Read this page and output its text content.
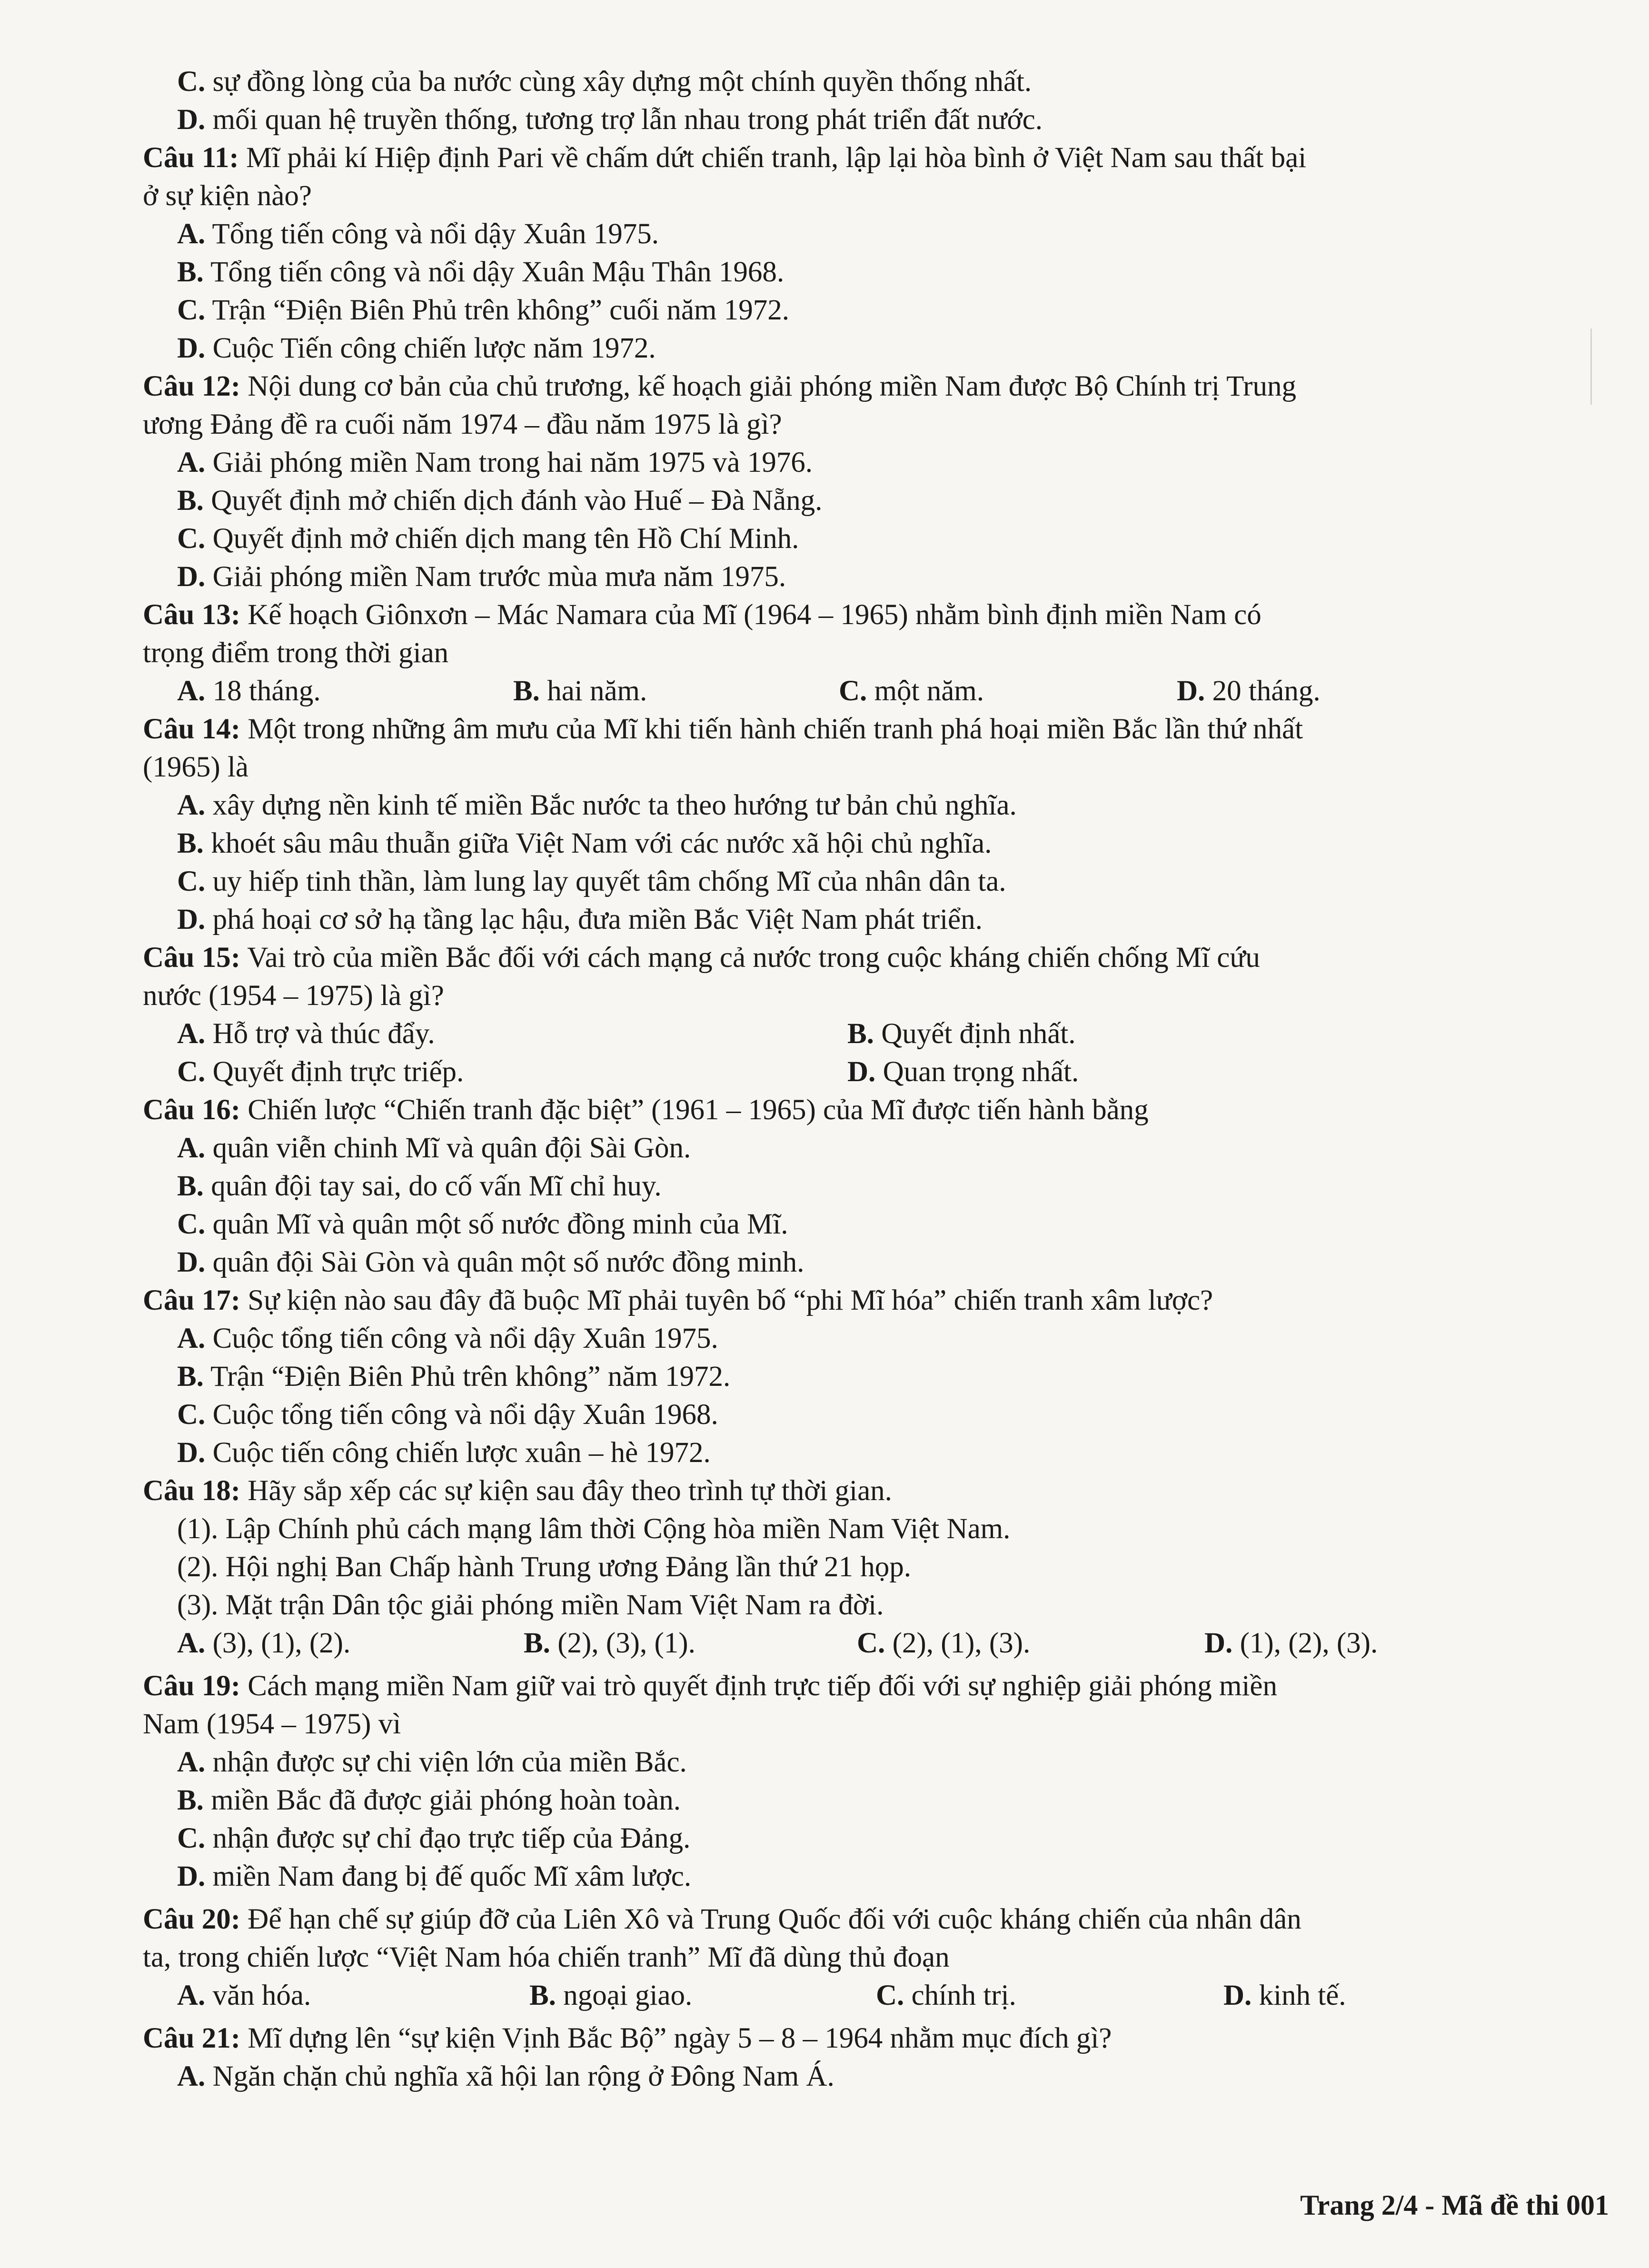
C. sự đồng lòng của ba nước cùng xây dựng một chính quyền thống nhất.
D. mối quan hệ truyền thống, tương trợ lẫn nhau trong phát triển đất nước.
Câu 11: Mĩ phải kí Hiệp định Pari về chấm dứt chiến tranh, lập lại hòa bình ở Việt Nam sau thất bại
ở sự kiện nào?
A. Tổng tiến công và nổi dậy Xuân 1975.
B. Tổng tiến công và nổi dậy Xuân Mậu Thân 1968.
C. Trận “Điện Biên Phủ trên không” cuối năm 1972.
D. Cuộc Tiến công chiến lược năm 1972.
Câu 12: Nội dung cơ bản của chủ trương, kế hoạch giải phóng miền Nam được Bộ Chính trị Trung
ương Đảng đề ra cuối năm 1974 – đầu năm 1975 là gì?
A. Giải phóng miền Nam trong hai năm 1975 và 1976.
B. Quyết định mở chiến dịch đánh vào Huế – Đà Nẵng.
C. Quyết định mở chiến dịch mang tên Hồ Chí Minh.
D. Giải phóng miền Nam trước mùa mưa năm 1975.
Câu 13: Kế hoạch Giônxơn – Mác Namara của Mĩ (1964 – 1965) nhằm bình định miền Nam có
trọng điểm trong thời gian
A. 18 tháng.	B. hai năm.	C. một năm.	D. 20 tháng.
Câu 14: Một trong những âm mưu của Mĩ khi tiến hành chiến tranh phá hoại miền Bắc lần thứ nhất
(1965) là
A. xây dựng nền kinh tế miền Bắc nước ta theo hướng tư bản chủ nghĩa.
B. khoét sâu mâu thuẫn giữa Việt Nam với các nước xã hội chủ nghĩa.
C. uy hiếp tinh thần, làm lung lay quyết tâm chống Mĩ của nhân dân ta.
D. phá hoại cơ sở hạ tầng lạc hậu, đưa miền Bắc Việt Nam phát triển.
Câu 15: Vai trò của miền Bắc đối với cách mạng cả nước trong cuộc kháng chiến chống Mĩ cứu
nước (1954 – 1975) là gì?
A. Hỗ trợ và thúc đẩy.	B. Quyết định nhất.
C. Quyết định trực triếp.	D. Quan trọng nhất.
Câu 16: Chiến lược “Chiến tranh đặc biệt” (1961 – 1965) của Mĩ được tiến hành bằng
A. quân viễn chinh Mĩ và quân đội Sài Gòn.
B. quân đội tay sai, do cố vấn Mĩ chỉ huy.
C. quân Mĩ và quân một số nước đồng minh của Mĩ.
D. quân đội Sài Gòn và quân một số nước đồng minh.
Câu 17: Sự kiện nào sau đây đã buộc Mĩ phải tuyên bố “phi Mĩ hóa” chiến tranh xâm lược?
A. Cuộc tổng tiến công và nổi dậy Xuân 1975.
B. Trận “Điện Biên Phủ trên không” năm 1972.
C. Cuộc tổng tiến công và nổi dậy Xuân 1968.
D. Cuộc tiến công chiến lược xuân – hè 1972.
Câu 18: Hãy sắp xếp các sự kiện sau đây theo trình tự thời gian.
(1). Lập Chính phủ cách mạng lâm thời Cộng hòa miền Nam Việt Nam.
(2). Hội nghị Ban Chấp hành Trung ương Đảng lần thứ 21 họp.
(3). Mặt trận Dân tộc giải phóng miền Nam Việt Nam ra đời.
A. (3), (1), (2).	B. (2), (3), (1).	C. (2), (1), (3).	D. (1), (2), (3).
Câu 19: Cách mạng miền Nam giữ vai trò quyết định trực tiếp đối với sự nghiệp giải phóng miền
Nam (1954 – 1975) vì
A. nhận được sự chi viện lớn của miền Bắc.
B. miền Bắc đã được giải phóng hoàn toàn.
C. nhận được sự chỉ đạo trực tiếp của Đảng.
D. miền Nam đang bị đế quốc Mĩ xâm lược.
Câu 20: Để hạn chế sự giúp đỡ của Liên Xô và Trung Quốc đối với cuộc kháng chiến của nhân dân
ta, trong chiến lược “Việt Nam hóa chiến tranh” Mĩ đã dùng thủ đoạn
A. văn hóa.	B. ngoại giao.	C. chính trị.	D. kinh tế.
Câu 21: Mĩ dựng lên “sự kiện Vịnh Bắc Bộ” ngày 5 – 8 – 1964 nhằm mục đích gì?
A. Ngăn chặn chủ nghĩa xã hội lan rộng ở Đông Nam Á.
Trang 2/4 - Mã đề thi 001
